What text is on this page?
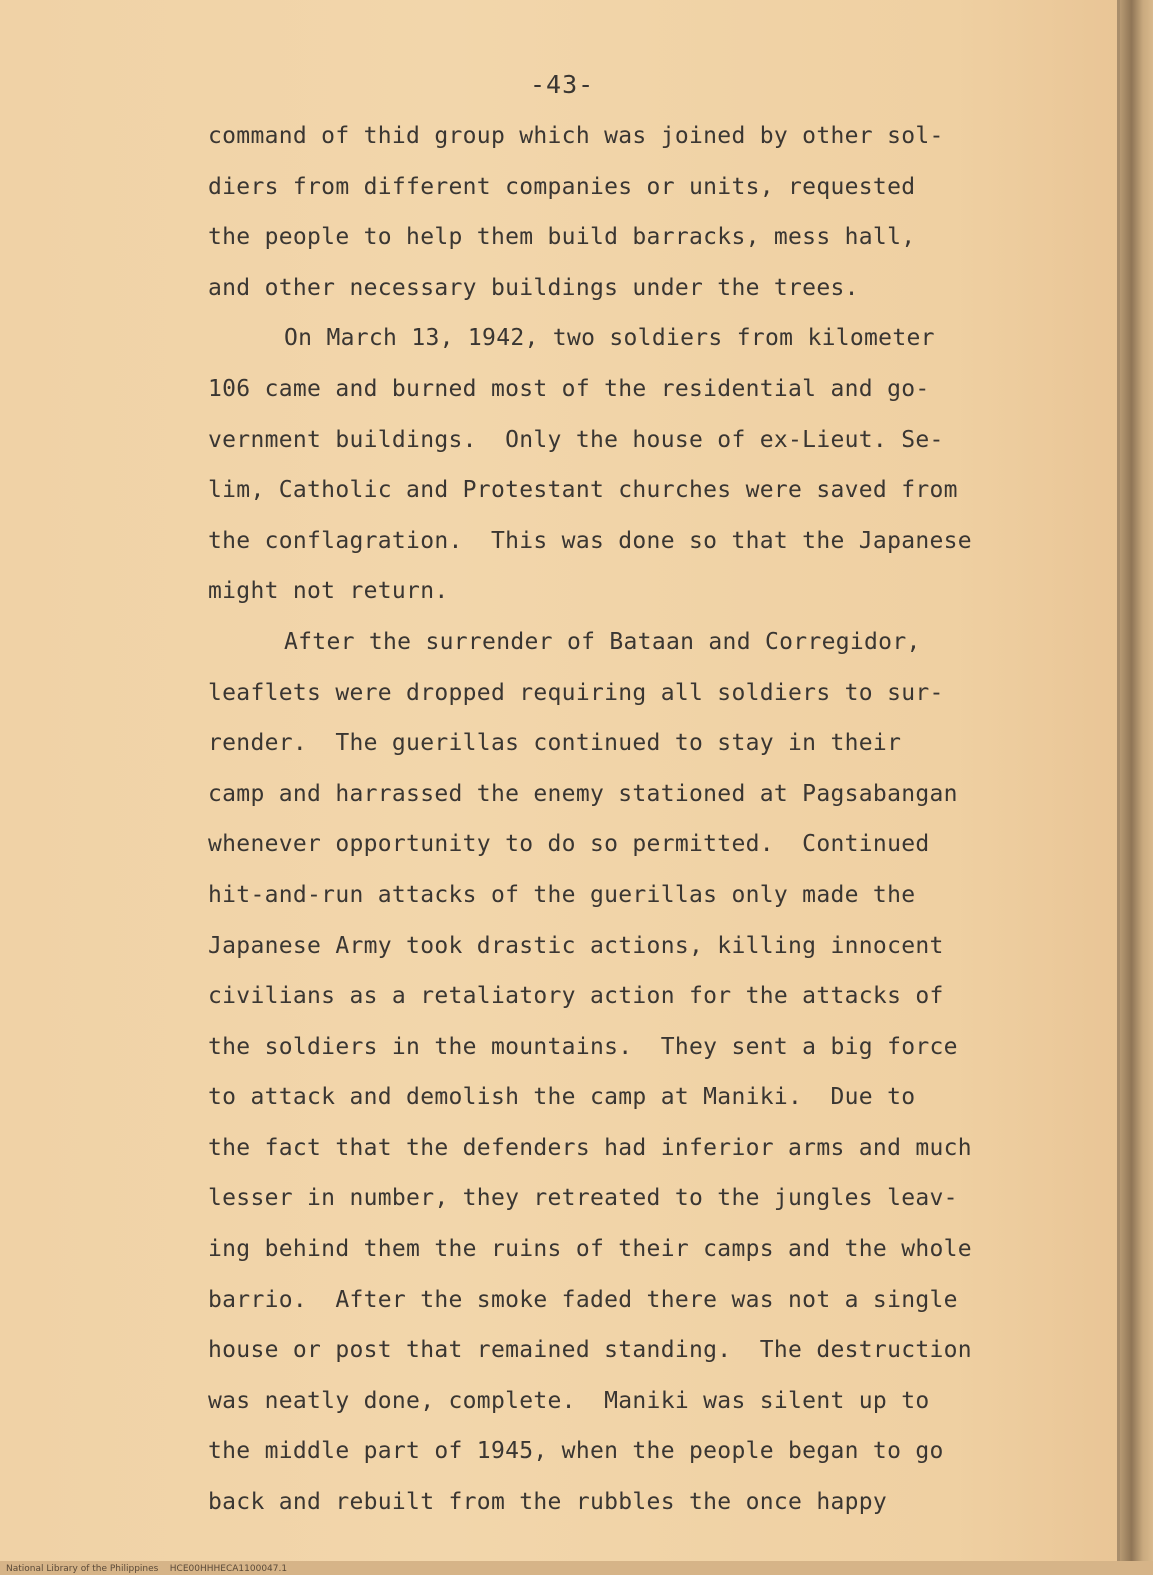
-43-
command of thid group which was joined by other sol-
diers from different companies or units, requested
the people to help them build barracks, mess hall,
and other necessary buildings under the trees.
On March 13, 1942, two soldiers from kilometer
106 came and burned most of the residential and go-
vernment buildings.  Only the house of ex-Lieut. Se-
lim, Catholic and Protestant churches were saved from
the conflagration.  This was done so that the Japanese
might not return.
After the surrender of Bataan and Corregidor,
leaflets were dropped requiring all soldiers to sur-
render.  The guerillas continued to stay in their
camp and harrassed the enemy stationed at Pagsabangan
whenever opportunity to do so permitted.  Continued
hit-and-run attacks of the guerillas only made the
Japanese Army took drastic actions, killing innocent
civilians as a retaliatory action for the attacks of
the soldiers in the mountains.  They sent a big force
to attack and demolish the camp at Maniki.  Due to
the fact that the defenders had inferior arms and much
lesser in number, they retreated to the jungles leav-
ing behind them the ruins of their camps and the whole
barrio.  After the smoke faded there was not a single
house or post that remained standing.  The destruction
was neatly done, complete.  Maniki was silent up to
the middle part of 1945, when the people began to go
back and rebuilt from the rubbles the once happy
National Library of the Philippines    HCE00HHHECA1100047.1
